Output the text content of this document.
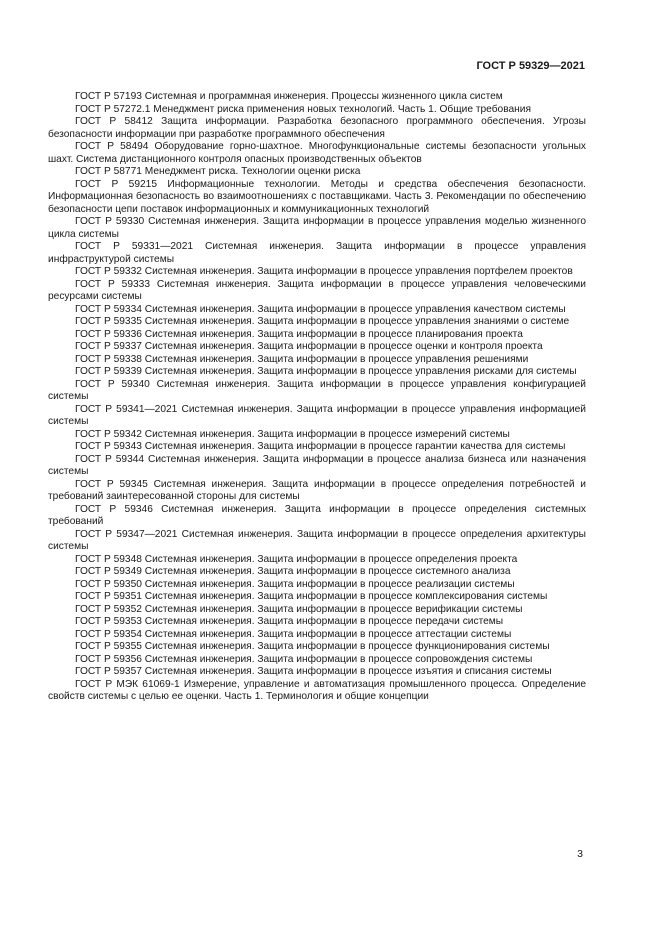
ГОСТ Р 59329—2021

ГОСТ Р 57193 Системная и программная инженерия. Процессы жизненного цикла систем

ГОСТ Р 57272.1 Менеджмент риска применения новых технологий. Часть 1. Общие требования

ГОСТ Р 58412 Защита информации. Разработка безопасного программного обеспечения. Угрозы безопасности информации при разработке программного обеспечения

ГОСТ Р 58494 Оборудование горно-шахтное. Многофункциональные системы безопасности угольных шахт. Система дистанционного контроля опасных производственных объектов

ГОСТ Р 58771 Менеджмент риска. Технологии оценки риска

ГОСТ Р 59215 Информационные технологии. Методы и средства обеспечения безопасности. Информационная безопасность во взаимоотношениях с поставщиками. Часть 3. Рекомендации по обеспечению безопасности цепи поставок информационных и коммуникационных технологий

ГОСТ Р 59330 Системная инженерия. Защита информации в процессе управления моделью жизненного цикла системы

ГОСТ Р 59331—2021 Системная инженерия. Защита информации в процессе управления инфраструктурой системы

ГОСТ Р 59332 Системная инженерия. Защита информации в процессе управления портфелем проектов

ГОСТ Р 59333 Системная инженерия. Защита информации в процессе управления человеческими ресурсами системы

ГОСТ Р 59334 Системная инженерия. Защита информации в процессе управления качеством системы

ГОСТ Р 59335 Системная инженерия. Защита информации в процессе управления знаниями о системе

ГОСТ Р 59336 Системная инженерия. Защита информации в процессе планирования проекта

ГОСТ Р 59337 Системная инженерия. Защита информации в процессе оценки и контроля проекта

ГОСТ Р 59338 Системная инженерия. Защита информации в процессе управления решениями

ГОСТ Р 59339 Системная инженерия. Защита информации в процессе управления рисками для системы

ГОСТ Р 59340 Системная инженерия. Защита информации в процессе управления конфигурацией системы

ГОСТ Р 59341—2021 Системная инженерия. Защита информации в процессе управления информацией системы

ГОСТ Р 59342 Системная инженерия. Защита информации в процессе измерений системы

ГОСТ Р 59343 Системная инженерия. Защита информации в процессе гарантии качества для системы

ГОСТ Р 59344 Системная инженерия. Защита информации в процессе анализа бизнеса или назначения системы

ГОСТ Р 59345 Системная инженерия. Защита информации в процессе определения потребностей и требований заинтересованной стороны для системы

ГОСТ Р 59346 Системная инженерия. Защита информации в процессе определения системных требований

ГОСТ Р 59347—2021 Системная инженерия. Защита информации в процессе определения архитектуры системы

ГОСТ Р 59348 Системная инженерия. Защита информации в процессе определения проекта

ГОСТ Р 59349 Системная инженерия. Защита информации в процессе системного анализа

ГОСТ Р 59350 Системная инженерия. Защита информации в процессе реализации системы

ГОСТ Р 59351 Системная инженерия. Защита информации в процессе комплексирования системы

ГОСТ Р 59352 Системная инженерия. Защита информации в процессе верификации системы

ГОСТ Р 59353 Системная инженерия. Защита информации в процессе передачи системы

ГОСТ Р 59354 Системная инженерия. Защита информации в процессе аттестации системы

ГОСТ Р 59355 Системная инженерия. Защита информации в процессе функционирования системы

ГОСТ Р 59356 Системная инженерия. Защита информации в процессе сопровождения системы

ГОСТ Р 59357 Системная инженерия. Защита информации в процессе изъятия и списания системы

ГОСТ Р МЭК 61069-1 Измерение, управление и автоматизация промышленного процесса. Определение свойств системы с целью ее оценки. Часть 1. Терминология и общие концепции

3
